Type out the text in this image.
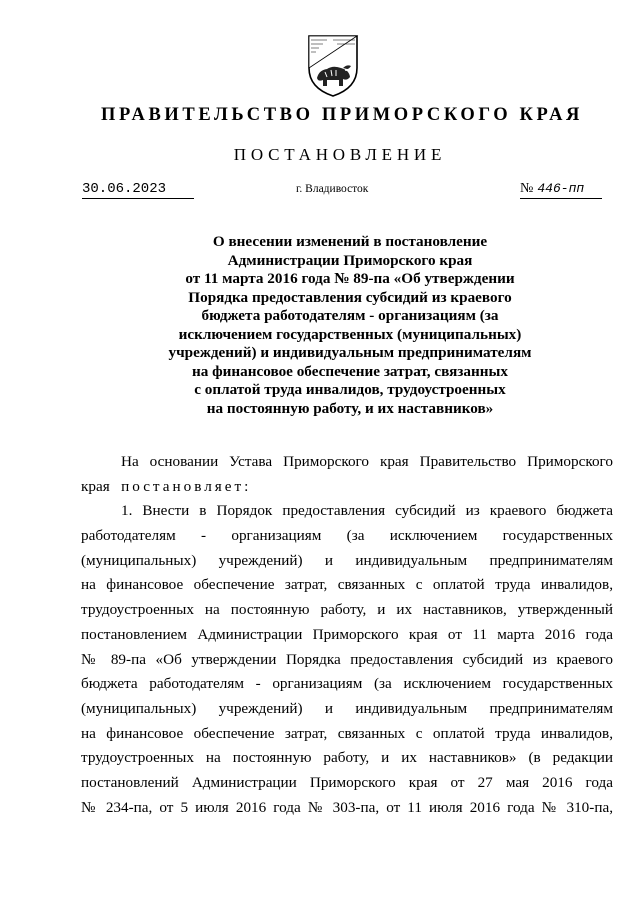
ПРАВИТЕЛЬСТВО ПРИМОРСКОГО КРАЯ
ПОСТАНОВЛЕНИЕ
30.06.2023	г. Владивосток	№ 446-пп
О внесении изменений в постановление
Администрации Приморского края
от 11 марта 2016 года № 89-па «Об утверждении
Порядка предоставления субсидий из краевого
бюджета работодателям - организациям (за
исключением государственных (муниципальных)
учреждений) и индивидуальным предпринимателям
на финансовое обеспечение затрат, связанных
с оплатой труда инвалидов, трудоустроенных
на постоянную работу, и их наставников»
На основании Устава Приморского края Правительство Приморского
края постановляет:
1. Внести в Порядок предоставления субсидий из краевого бюджета
работодателям - организациям (за исключением государственных
(муниципальных) учреждений) и индивидуальным предпринимателям
на финансовое обеспечение затрат, связанных с оплатой труда инвалидов,
трудоустроенных на постоянную работу, и их наставников, утвержденный
постановлением Администрации Приморского края от 11 марта 2016 года
№ 89-па «Об утверждении Порядка предоставления субсидий из краевого
бюджета работодателям - организациям (за исключением государственных
(муниципальных) учреждений) и индивидуальным предпринимателям
на финансовое обеспечение затрат, связанных с оплатой труда инвалидов,
трудоустроенных на постоянную работу, и их наставников» (в редакции
постановлений Администрации Приморского края от 27 мая 2016 года
№ 234-па, от 5 июля 2016 года № 303-па, от 11 июля 2016 года № 310-па,
